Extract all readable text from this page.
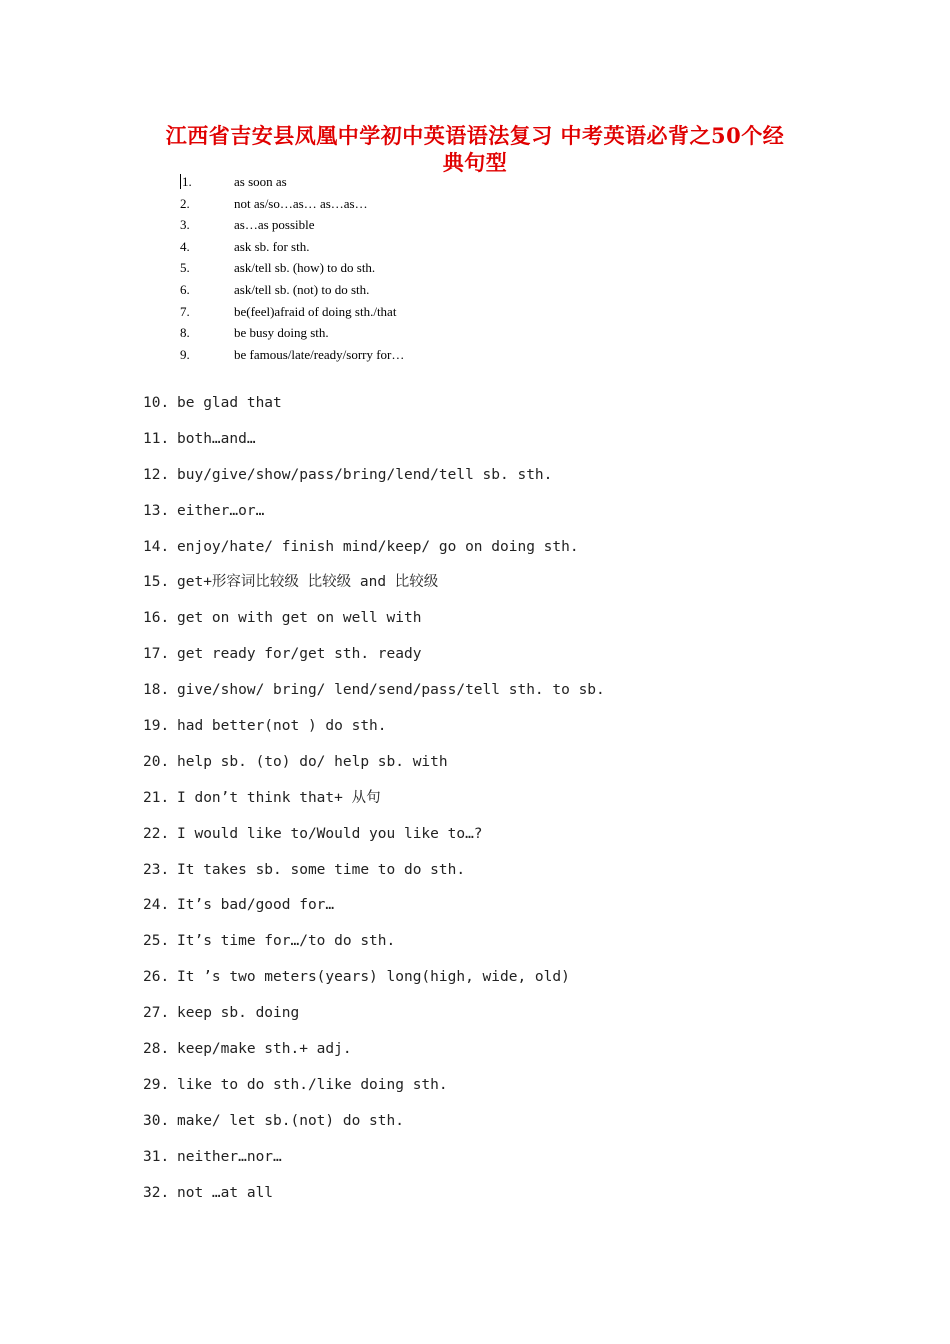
江西省吉安县凤凰中学初中英语语法复习 中考英语必背之50个经
典句型
1.	as soon as
2.	not as/so…as… as…as…
3.	as…as possible
4.	ask sb. for sth.
5.	ask/tell sb. (how) to do sth.
6.	ask/tell sb. (not) to do sth.
7.	be(feel)afraid of doing sth./that
8.	be busy doing sth.
9.	be famous/late/ready/sorry for…
10. be glad that
11. both…and…
12. buy/give/show/pass/bring/lend/tell sb. sth.
13. either…or…
14. enjoy/hate/ finish mind/keep/ go on doing sth.
15. get+形容词比较级 比较级 and 比较级
16. get on with get on well with
17. get ready for/get sth. ready
18. give/show/ bring/ lend/send/pass/tell sth. to sb.
19. had better(not ) do sth.
20. help sb. (to) do/ help sb. with
21. I don’t think that+ 从句
22. I would like to/Would you like to…?
23. It takes sb. some time to do sth.
24. It’s bad/good for…
25. It’s time for…/to do sth.
26. It ’s two meters(years) long(high, wide, old)
27. keep sb. doing
28. keep/make sth.+ adj.
29. like to do sth./like doing sth.
30. make/ let sb.(not) do sth.
31. neither…nor…
32. not …at all
